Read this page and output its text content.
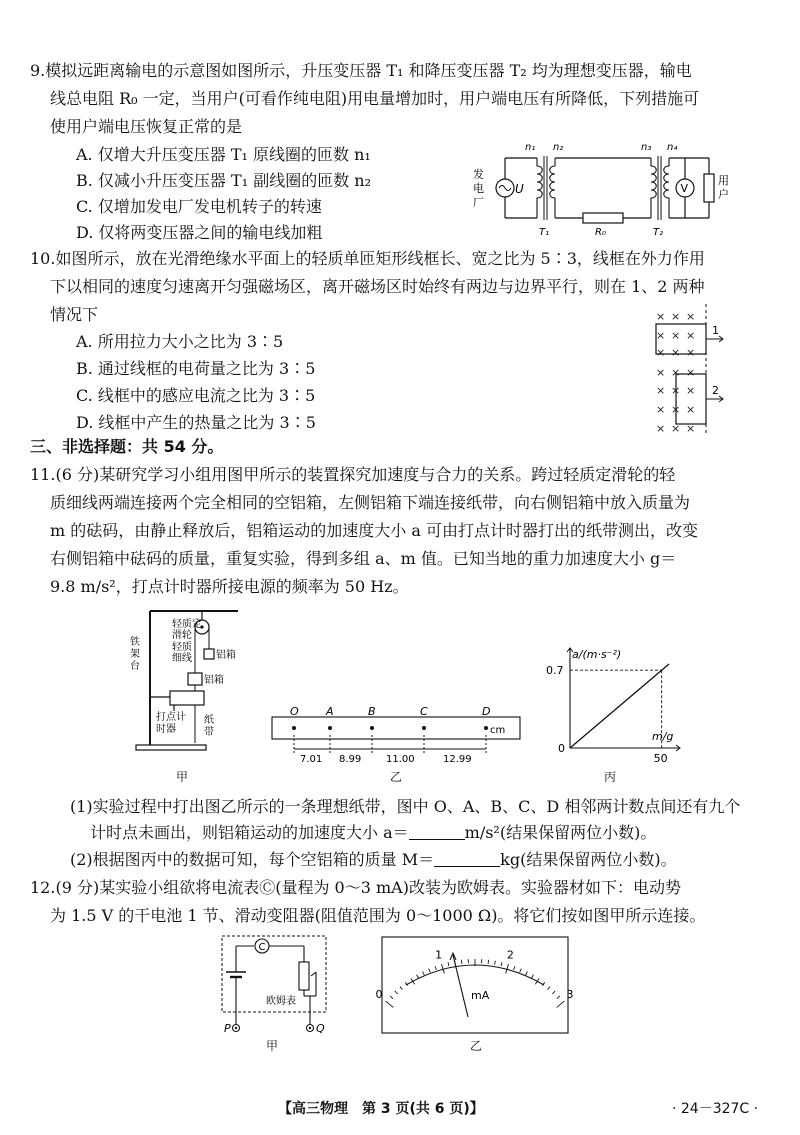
9.模拟远距离输电的示意图如图所示，升压变压器 T₁ 和降压变压器 T₂ 均为理想变压器，输电
线总电阻 R₀ 一定，当用户(可看作纯电阻)用电量增加时，用户端电压有所降低，下列措施可
使用户端电压恢复正常的是
A. 仅增大升压变压器 T₁ 原线圈的匝数 n₁
B. 仅减小升压变压器 T₁ 副线圈的匝数 n₂
C. 仅增加发电厂发电机转子的转速
D. 仅将两变压器之间的输电线加粗
发
电
厂
U
n₁ n₂
T₁	R₀
n₃ n₄
T₂
V
用
户
10.如图所示，放在光滑绝缘水平面上的轻质单匝矩形线框长、宽之比为 5∶3，线框在外力作用
下以相同的速度匀速离开匀强磁场区，离开磁场区时始终有两边与边界平行，则在 1、2 两种
情况下
A. 所用拉力大小之比为 3∶5
B. 通过线框的电荷量之比为 3∶5
C. 线框中的感应电流之比为 3∶5
D. 线框中产生的热量之比为 3∶5
× × ×
× × ×
× × ×
× × ×
× × ×
× × ×
× × ×
1
2
三、非选择题：共 54 分。
11.(6 分)某研究学习小组用图甲所示的装置探究加速度与合力的关系。跨过轻质定滑轮的轻
质细线两端连接两个完全相同的空铝箱，左侧铝箱下端连接纸带，向右侧铝箱中放入质量为
m 的砝码，由静止释放后，铝箱运动的加速度大小 a 可由打点计时器打出的纸带测出，改变
右侧铝箱中砝码的质量，重复实验，得到多组 a、m 值。已知当地的重力加速度大小 g＝
9.8 m/s²，打点计时器所接电源的频率为 50 Hz。
轻质定
滑轮
轻质
细线 铝箱
铝箱
铁
架
台
打点计
时器
纸
带
甲
O A	B	C	D
7.01 8.99 11.00	12.99
cm
乙
a/(m·s⁻²)
m/g
0
0.7
50
丙
(1)实验过程中打出图乙所示的一条理想纸带，图中 O、A、B、C、D 相邻两计数点间还有九个
计时点未画出，则铝箱运动的加速度大小 a＝	m/s²(结果保留两位小数)。
(2)根据图丙中的数据可知，每个空铝箱的质量 M＝	kg(结果保留两位小数)。
12.(9 分)某实验小组欲将电流表Ⓒ(量程为 0～3 mA)改装为欧姆表。实验器材如下：电动势
为 1.5 V 的干电池 1 节、滑动变阻器(阻值范围为 0～1000 Ω)。将它们按如图甲所示连接。
C
欧姆表
P	Q
甲
0
1	2
3
mA
乙
【高三物理　第 3 页(共 6 页)】	· 24－327C ·
